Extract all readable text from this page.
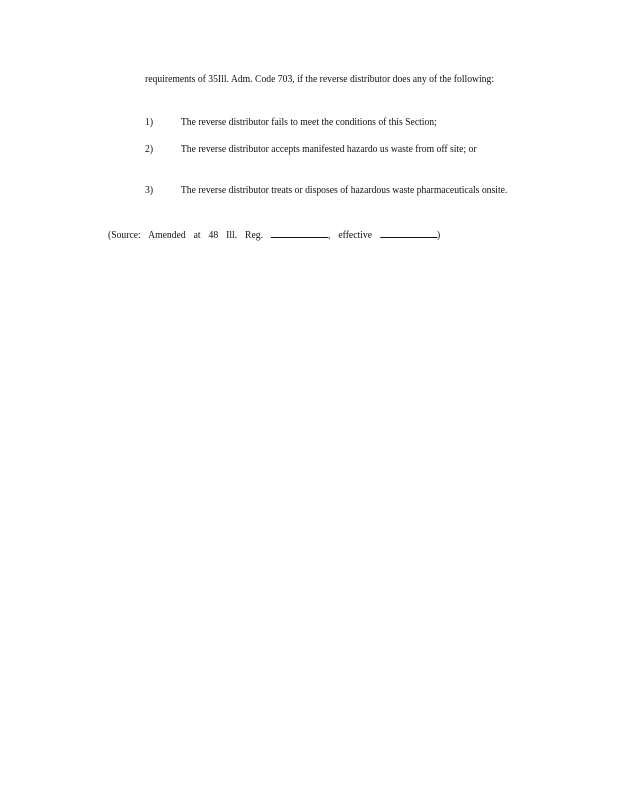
requirements of 35Ill. Adm. Code 703, if the reverse distributor does any of the following:
1)	The reverse distributor fails to meet the conditions of this Section;
2)	The reverse distributor accepts manifested hazardo us waste from off site; or
3)	The reverse distributor treats or disposes of hazardous waste pharmaceuticals onsite.
(Source: Amended at 48 Ill. Reg.	, effective	)
